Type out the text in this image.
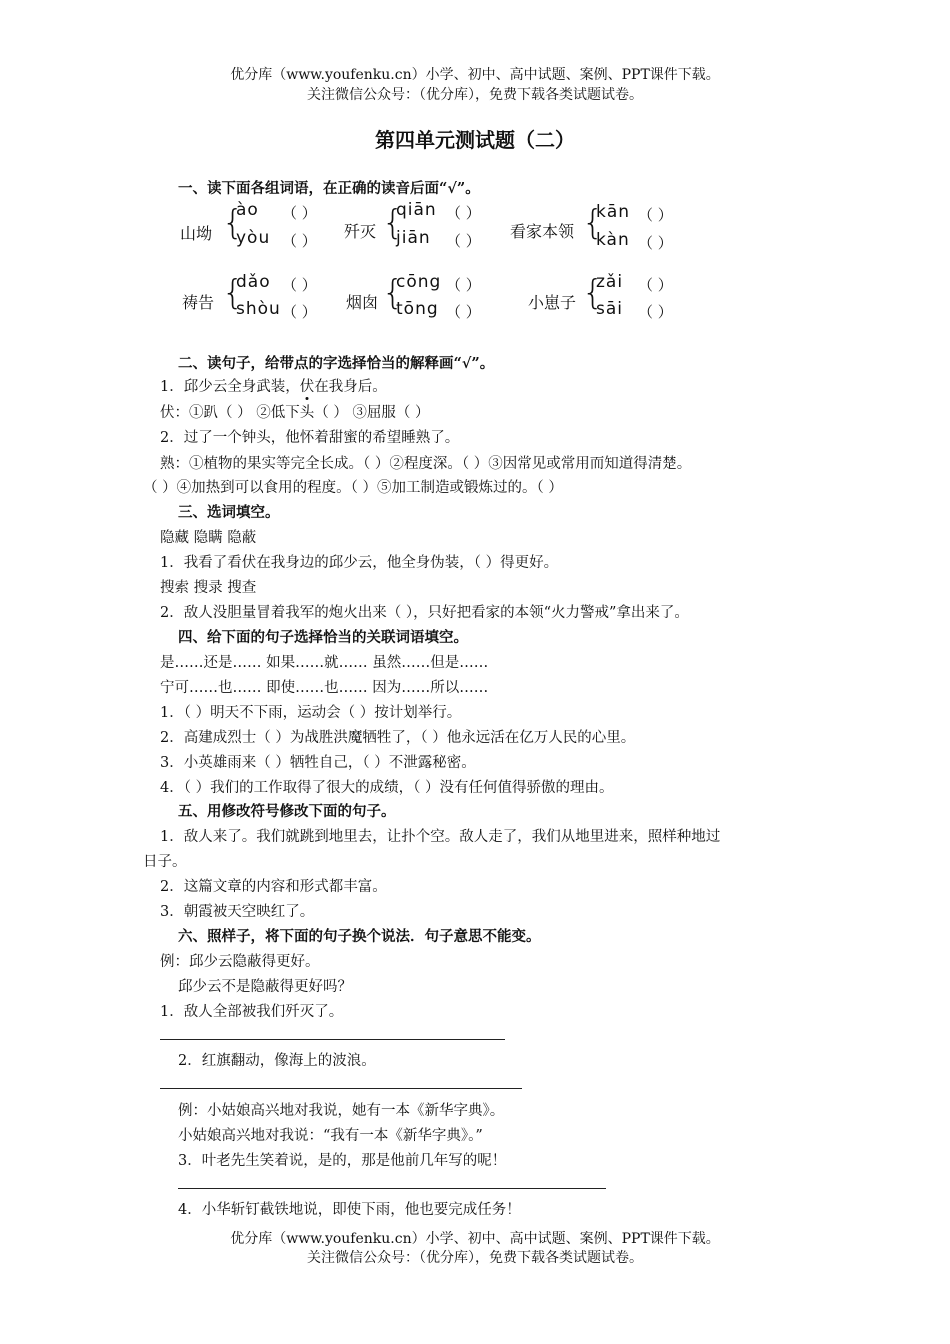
优分库（www.youfenku.cn）小学、初中、高中试题、案例、PPT课件下载。
关注微信公众号：（优分库），免费下载各类试题试卷。
第四单元测试题（二）
一、读下面各组词语，在正确的读音后面“√”。
山坳 {
ào （ ）
yòu （ ） 歼灭 {
qiān （ ）
jiān （ ） 看家本领 {
kān （ ）
kàn （ ）
祷告 {
dǎo （ ）
shòu （ ） 烟囱 {
cōng （ ）
tōng （ ）	小崽子 {
zǎi （ ）
sāi （ ）
二、读句子，给带点的字选择恰当的解释画“√”。
1．邱少云全身武装，伏在我身后。
伏：①趴（ ） ②低下头（ ） ③屈服（ ）
2．过了一个钟头，他怀着甜蜜的希望睡熟了。
熟：①植物的果实等完全长成。（ ）②程度深。（ ）③因常见或常用而知道得清楚。
（ ）④加热到可以食用的程度。（ ）⑤加工制造或锻炼过的。（ ）
三、选词填空。
隐藏 隐瞒 隐蔽
1．我看了看伏在我身边的邱少云，他全身伪装，（ ）得更好。
搜索 搜录 搜查
2．敌人没胆量冒着我军的炮火出来（ ），只好把看家的本领“火力警戒”拿出来了。
四、给下面的句子选择恰当的关联词语填空。
是……还是…… 如果……就…… 虽然……但是……
宁可……也…… 即使……也…… 因为……所以……
1．（ ）明天不下雨，运动会（ ）按计划举行。
2．高建成烈士（ ）为战胜洪魔牺牲了，（ ）他永远活在亿万人民的心里。
3．小英雄雨来（ ）牺牲自己，（ ）不泄露秘密。
4．（ ）我们的工作取得了很大的成绩，（ ）没有任何值得骄傲的理由。
五、用修改符号修改下面的句子。
1．敌人来了。我们就跳到地里去，让扑个空。敌人走了，我们从地里进来，照样种地过
日子。
2．这篇文章的内容和形式都丰富。
3．朝霞被天空映红了。
六、照样子，将下面的句子换个说法．句子意思不能变。
例：邱少云隐蔽得更好。
邱少云不是隐蔽得更好吗？
1．敌人全部被我们歼灭了。
2．红旗翻动，像海上的波浪。
例：小姑娘高兴地对我说，她有一本《新华字典》。
小姑娘高兴地对我说：“我有一本《新华字典》。”
3．叶老先生笑着说，是的，那是他前几年写的呢！
4．小华斩钉截铁地说，即使下雨，他也要完成任务！
优分库（www.youfenku.cn）小学、初中、高中试题、案例、PPT课件下载。
关注微信公众号：（优分库），免费下载各类试题试卷。
